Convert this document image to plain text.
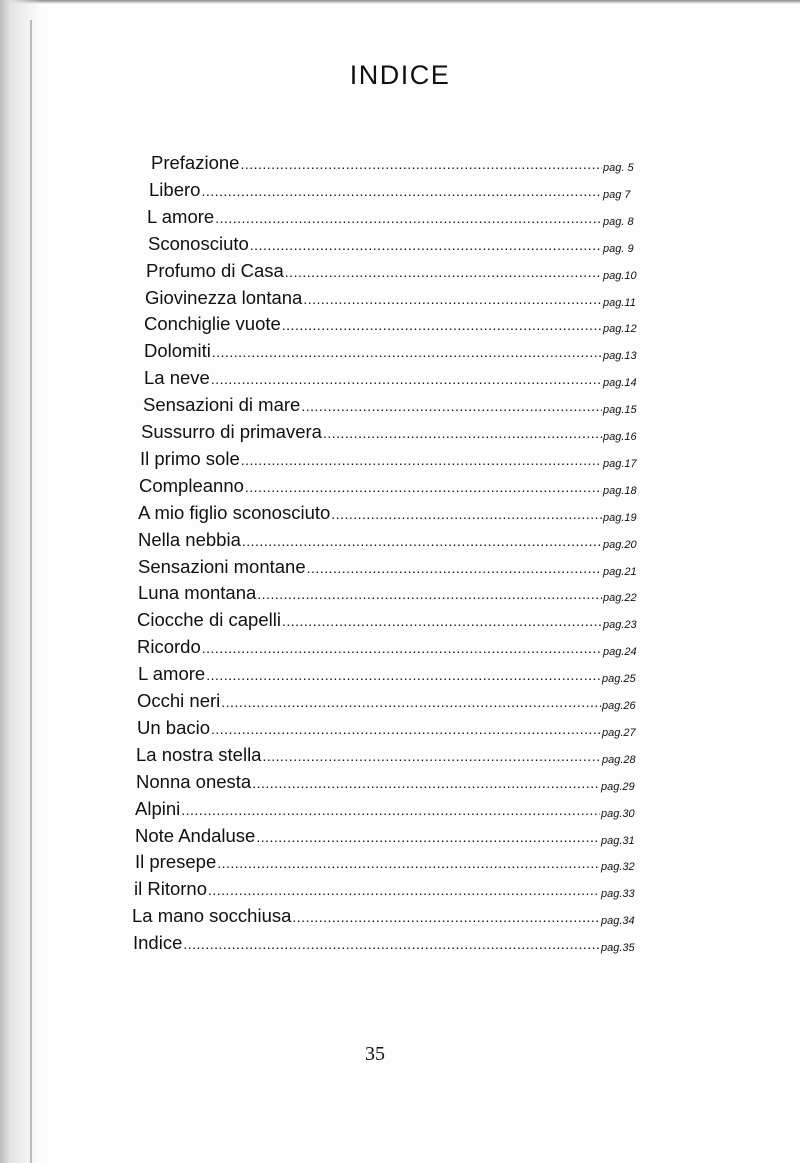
INDICE
Prefazione .....	pag. 5
Libero .....	pag 7
L amore .....	pag. 8
Sconosciuto .....	pag. 9
Profumo di Casa .....	pag.10
Giovinezza lontana .....	pag.11
Conchiglie vuote .....	pag.12
Dolomiti .....	pag.13
La neve .....	pag.14
Sensazioni di mare .....	pag.15
Sussurro di primavera .....	pag.16
Il primo sole .....	pag.17
Compleanno .....	pag.18
A mio figlio sconosciuto .....	pag.19
Nella nebbia .....	pag.20
Sensazioni montane .....	pag.21
Luna montana .....	pag.22
Ciocche di capelli .....	pag.23
Ricordo .....	pag.24
L amore .....	pag.25
Occhi neri .....	pag.26
Un bacio .....	pag.27
La nostra stella .....	pag.28
Nonna onesta .....	pag.29
Alpini .....	pag.30
Note Andaluse .....	pag.31
Il presepe .....	pag.32
il Ritorno .....	pag.33
La mano socchiusa .....	pag.34
Indice .....	pag.35
35
